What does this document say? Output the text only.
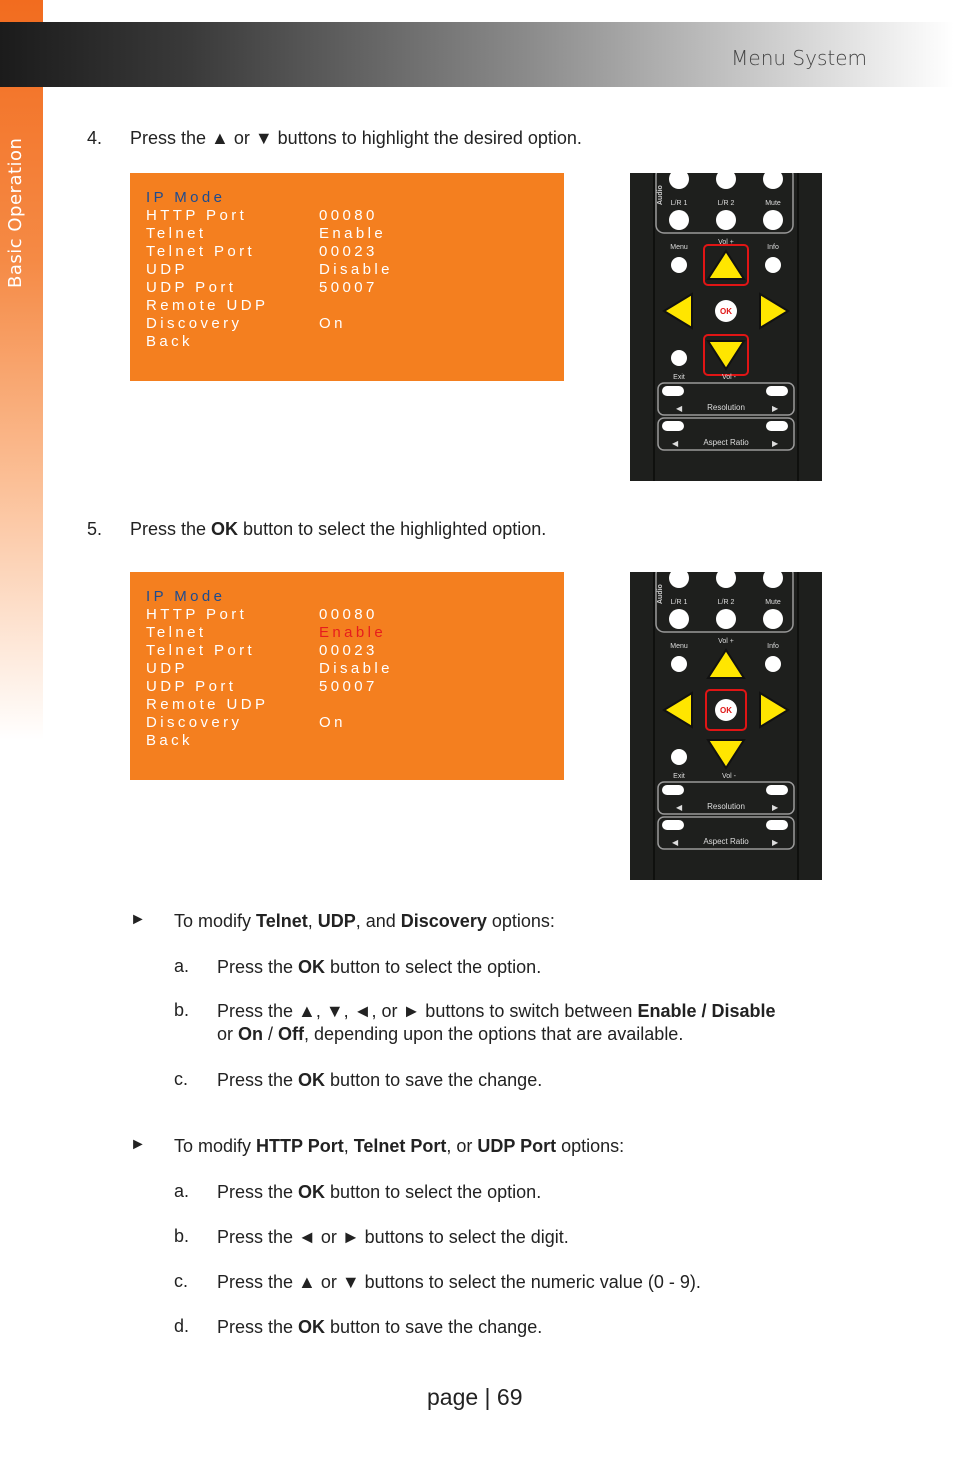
Basic Operation
Menu System
4. Press the ▲ or ▼ buttons to highlight the desired option.
IP Mode
HTTP Port	00080
Telnet	Enable
Telnet Port	00023
UDP	Disable
UDP Port	50007
Remote UDP
Discovery	On
Back
Audio L/R 1	L/R 2	Mute
Menu
Vol +
Info
OK
Exit	Vol -
◀	Resolution	▶
◀	Aspect Ratio	▶
5. Press the OK button to select the highlighted option.
IP Mode
HTTP Port	00080
Telnet	Enable
Telnet Port	00023
UDP	Disable
UDP Port	50007
Remote UDP
Discovery	On
Back
Audio L/R 1	L/R 2	Mute
Menu
Vol +
Info
OK
Exit	Vol -
◀	Resolution	▶
◀	Aspect Ratio	▶
► To modify Telnet, UDP, and Discovery options:
a. Press the OK button to select the option.
b. Press the ▲, ▼, ◄, or ► buttons to switch between Enable / Disable
or On / Off, depending upon the options that are available.
c. Press the OK button to save the change.
► To modify HTTP Port, Telnet Port, or UDP Port options:
a. Press the OK button to select the option.
b. Press the ◄ or ► buttons to select the digit.
c. Press the ▲ or ▼ buttons to select the numeric value (0 - 9).
d. Press the OK button to save the change.
page | 69
